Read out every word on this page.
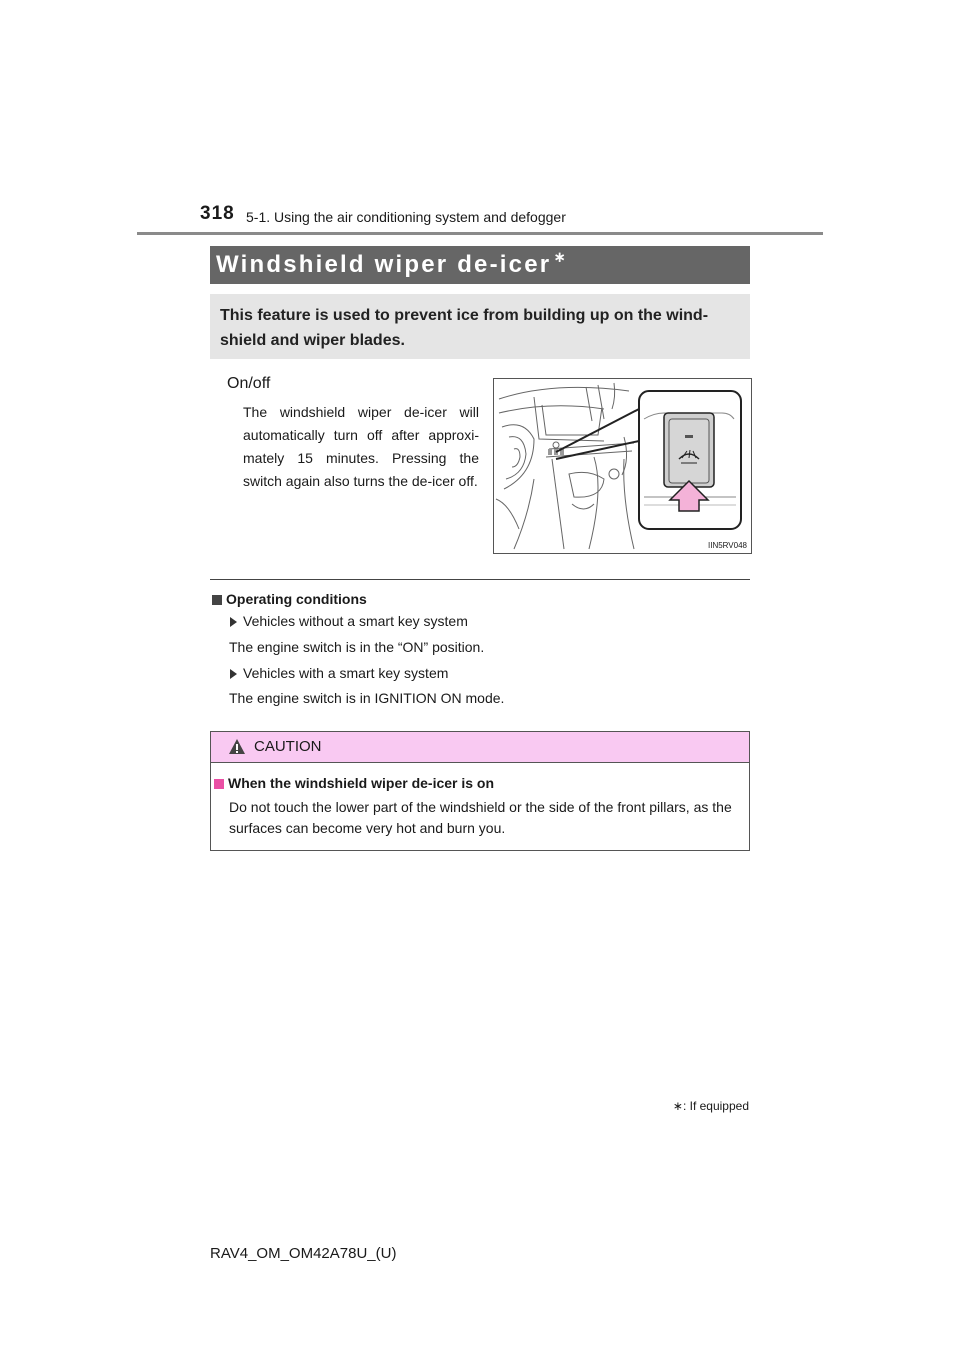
318 5-1. Using the air conditioning system and defogger
Windshield wiper de-icer ∗
This feature is used to prevent ice from building up on the wind-shield and wiper blades.
On/off
The windshield wiper de-icer will automatically turn off after approxi-mately 15 minutes. Pressing the switch again also turns the de-icer off.
IIN5RV048
Operating conditions
Vehicles without a smart key system
The engine switch is in the “ON” position.
Vehicles with a smart key system
The engine switch is in IGNITION ON mode.
CAUTION
When the windshield wiper de-icer is on
Do not touch the lower part of the windshield or the side of the front pillars, as the surfaces can become very hot and burn you.
∗: If equipped
RAV4_OM_OM42A78U_(U)
